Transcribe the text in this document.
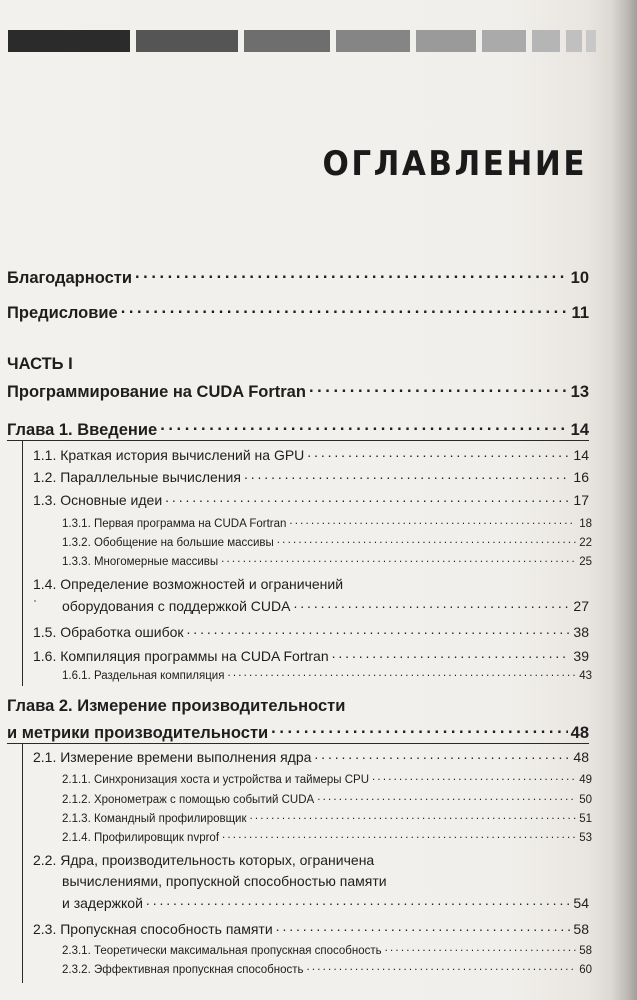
ОГЛАВЛЕНИЕ
Благодарности . . .	10
Предисловие . . .	11
ЧАСТЬ I
Программирование на CUDA Fortran . . .	13
Глава 1. Введение . . .	14
1.1. Краткая история вычислений на GPU . . .	14
1.2. Параллельные вычисления . . .	16
1.3. Основные идеи . . .	17
1.3.1. Первая программа на CUDA Fortran . . .	18
1.3.2. Обобщение на большие массивы . . .	22
1.3.3. Многомерные массивы . . .	25
1.4. Определение возможностей и ограничений
оборудования с поддержкой CUDA . . .	27
1.5. Обработка ошибок . . .	38
1.6. Компиляция программы на CUDA Fortran . . .	39
1.6.1. Раздельная компиляция . . .	43
Глава 2. Измерение производительности
и метрики производительности . . .	48
2.1. Измерение времени выполнения ядра . . .	48
2.1.1. Синхронизация хоста и устройства и таймеры CPU . . .	49
2.1.2. Хронометраж с помощью событий CUDA . . .	50
2.1.3. Командный профилировщик . . .	51
2.1.4. Профилировщик nvprof . . .	53
2.2. Ядра, производительность которых, ограничена
вычислениями, пропускной способностью памяти
и задержкой . . .	54
2.3. Пропускная способность памяти . . .	58
2.3.1. Теоретически максимальная пропускная способность . . .	58
2.3.2. Эффективная пропускная способность . . .	60
